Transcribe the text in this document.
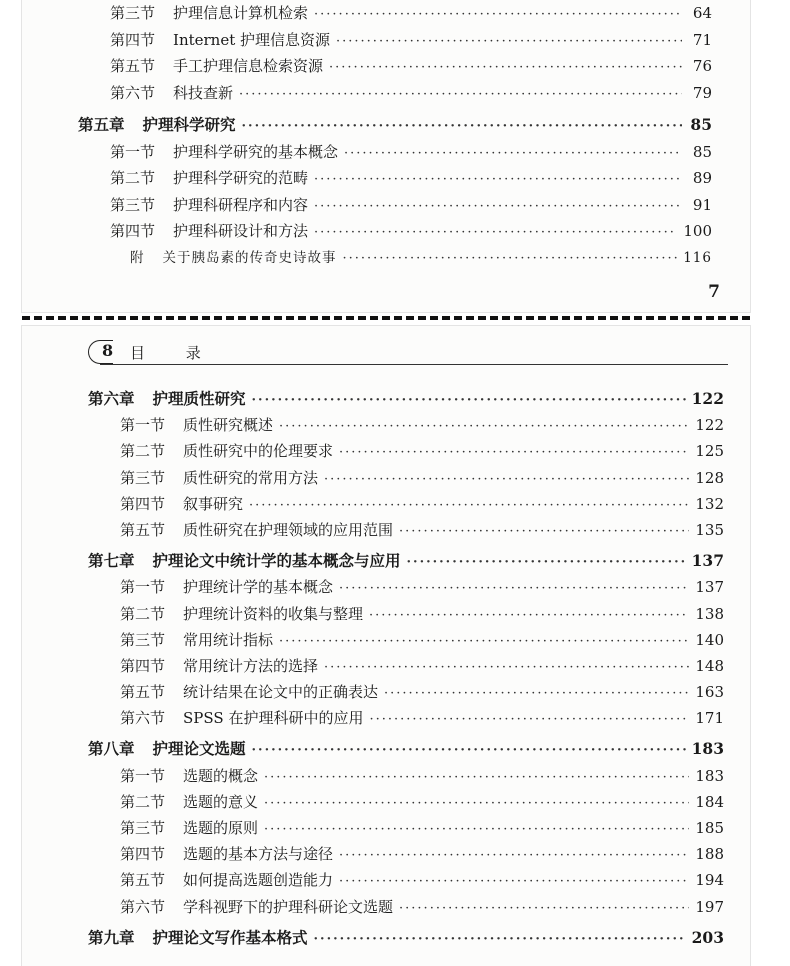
第三节 护理信息计算机检索 ·····	64
第四节 Internet 护理信息资源 ·····	71
第五节 手工护理信息检索资源 ·····	76
第六节 科技查新 ·····	79
第五章 护理科学研究 ·····	85
第一节 护理科学研究的基本概念 ·····	85
第二节 护理科学研究的范畴 ·····	89
第三节 护理科研程序和内容 ·····	91
第四节 护理科研设计和方法 ·····	100
附 关于胰岛素的传奇史诗故事 ·····	116
7
8 目 录
第六章 护理质性研究 ·····	122
第一节 质性研究概述 ·····	122
第二节 质性研究中的伦理要求 ·····	125
第三节 质性研究的常用方法 ·····	128
第四节 叙事研究 ·····	132
第五节 质性研究在护理领域的应用范围 ·····	135
第七章 护理论文中统计学的基本概念与应用 ·····	137
第一节 护理统计学的基本概念 ·····	137
第二节 护理统计资料的收集与整理 ·····	138
第三节 常用统计指标 ·····	140
第四节 常用统计方法的选择 ·····	148
第五节 统计结果在论文中的正确表达 ·····	163
第六节 SPSS 在护理科研中的应用 ·····	171
第八章 护理论文选题 ·····	183
第一节 选题的概念 ·····	183
第二节 选题的意义 ·····	184
第三节 选题的原则 ·····	185
第四节 选题的基本方法与途径 ·····	188
第五节 如何提高选题创造能力 ·····	194
第六节 学科视野下的护理科研论文选题 ·····	197
第九章 护理论文写作基本格式 ·····	203
